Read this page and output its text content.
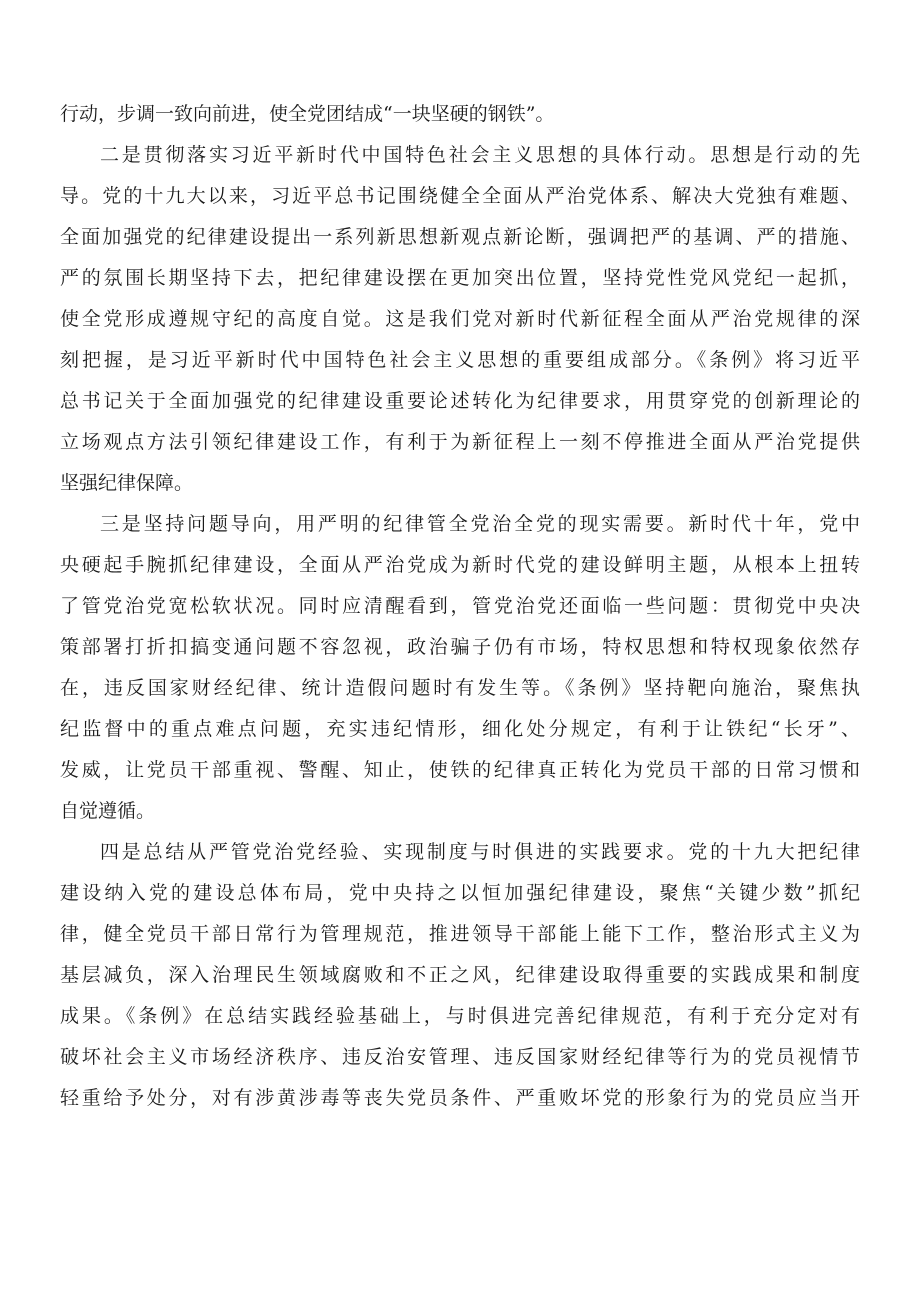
行动，步调一致向前进，使全党团结成“一块坚硬的钢铁”。
二是贯彻落实习近平新时代中国特色社会主义思想的具体行动。思想是行动的先
导。党的十九大以来，习近平总书记围绕健全全面从严治党体系、解决大党独有难题、
全面加强党的纪律建设提出一系列新思想新观点新论断，强调把严的基调、严的措施、
严的氛围长期坚持下去，把纪律建设摆在更加突出位置，坚持党性党风党纪一起抓，
使全党形成遵规守纪的高度自觉。这是我们党对新时代新征程全面从严治党规律的深
刻把握，是习近平新时代中国特色社会主义思想的重要组成部分。《条例》将习近平
总书记关于全面加强党的纪律建设重要论述转化为纪律要求，用贯穿党的创新理论的
立场观点方法引领纪律建设工作，有利于为新征程上一刻不停推进全面从严治党提供
坚强纪律保障。
三是坚持问题导向，用严明的纪律管全党治全党的现实需要。新时代十年，党中
央硬起手腕抓纪律建设，全面从严治党成为新时代党的建设鲜明主题，从根本上扭转
了管党治党宽松软状况。同时应清醒看到，管党治党还面临一些问题：贯彻党中央决
策部署打折扣搞变通问题不容忽视，政治骗子仍有市场，特权思想和特权现象依然存
在，违反国家财经纪律、统计造假问题时有发生等。《条例》坚持靶向施治，聚焦执
纪监督中的重点难点问题，充实违纪情形，细化处分规定，有利于让铁纪“长牙”、
发威，让党员干部重视、警醒、知止，使铁的纪律真正转化为党员干部的日常习惯和
自觉遵循。
四是总结从严管党治党经验、实现制度与时俱进的实践要求。党的十九大把纪律
建设纳入党的建设总体布局，党中央持之以恒加强纪律建设，聚焦“关键少数”抓纪
律，健全党员干部日常行为管理规范，推进领导干部能上能下工作，整治形式主义为
基层减负，深入治理民生领域腐败和不正之风，纪律建设取得重要的实践成果和制度
成果。《条例》在总结实践经验基础上，与时俱进完善纪律规范，有利于充分定对有
破坏社会主义市场经济秩序、违反治安管理、违反国家财经纪律等行为的党员视情节
轻重给予处分，对有涉黄涉毒等丧失党员条件、严重败坏党的形象行为的党员应当开
